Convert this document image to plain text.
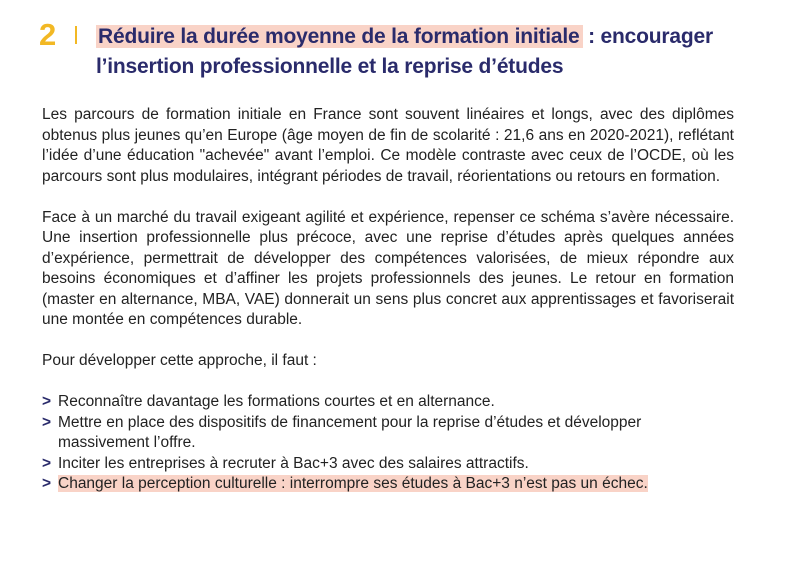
2 Réduire la durée moyenne de la formation initiale : encourager l’insertion professionnelle et la reprise d’études

Les parcours de formation initiale en France sont souvent linéaires et longs, avec des diplômes obtenus plus jeunes qu’en Europe (âge moyen de fin de scolarité : 21,6 ans en 2020-2021), reflétant l’idée d’une éducation "achevée" avant l’emploi. Ce modèle contraste avec ceux de l’OCDE, où les parcours sont plus modulaires, intégrant périodes de travail, réorientations ou retours en formation.

Face à un marché du travail exigeant agilité et expérience, repenser ce schéma s’avère nécessaire. Une insertion professionnelle plus précoce, avec une reprise d’études après quelques années d’expérience, permettrait de développer des compétences valorisées, de mieux répondre aux besoins économiques et d’affiner les projets professionnels des jeunes. Le retour en formation (master en alternance, MBA, VAE) donnerait un sens plus concret aux apprentissages et favoriserait une montée en compétences durable.

Pour développer cette approche, il faut :

> Reconnaître davantage les formations courtes et en alternance.
> Mettre en place des dispositifs de financement pour la reprise d’études et développer massivement l’offre.
> Inciter les entreprises à recruter à Bac+3 avec des salaires attractifs.
> Changer la perception culturelle : interrompre ses études à Bac+3 n’est pas un échec.
